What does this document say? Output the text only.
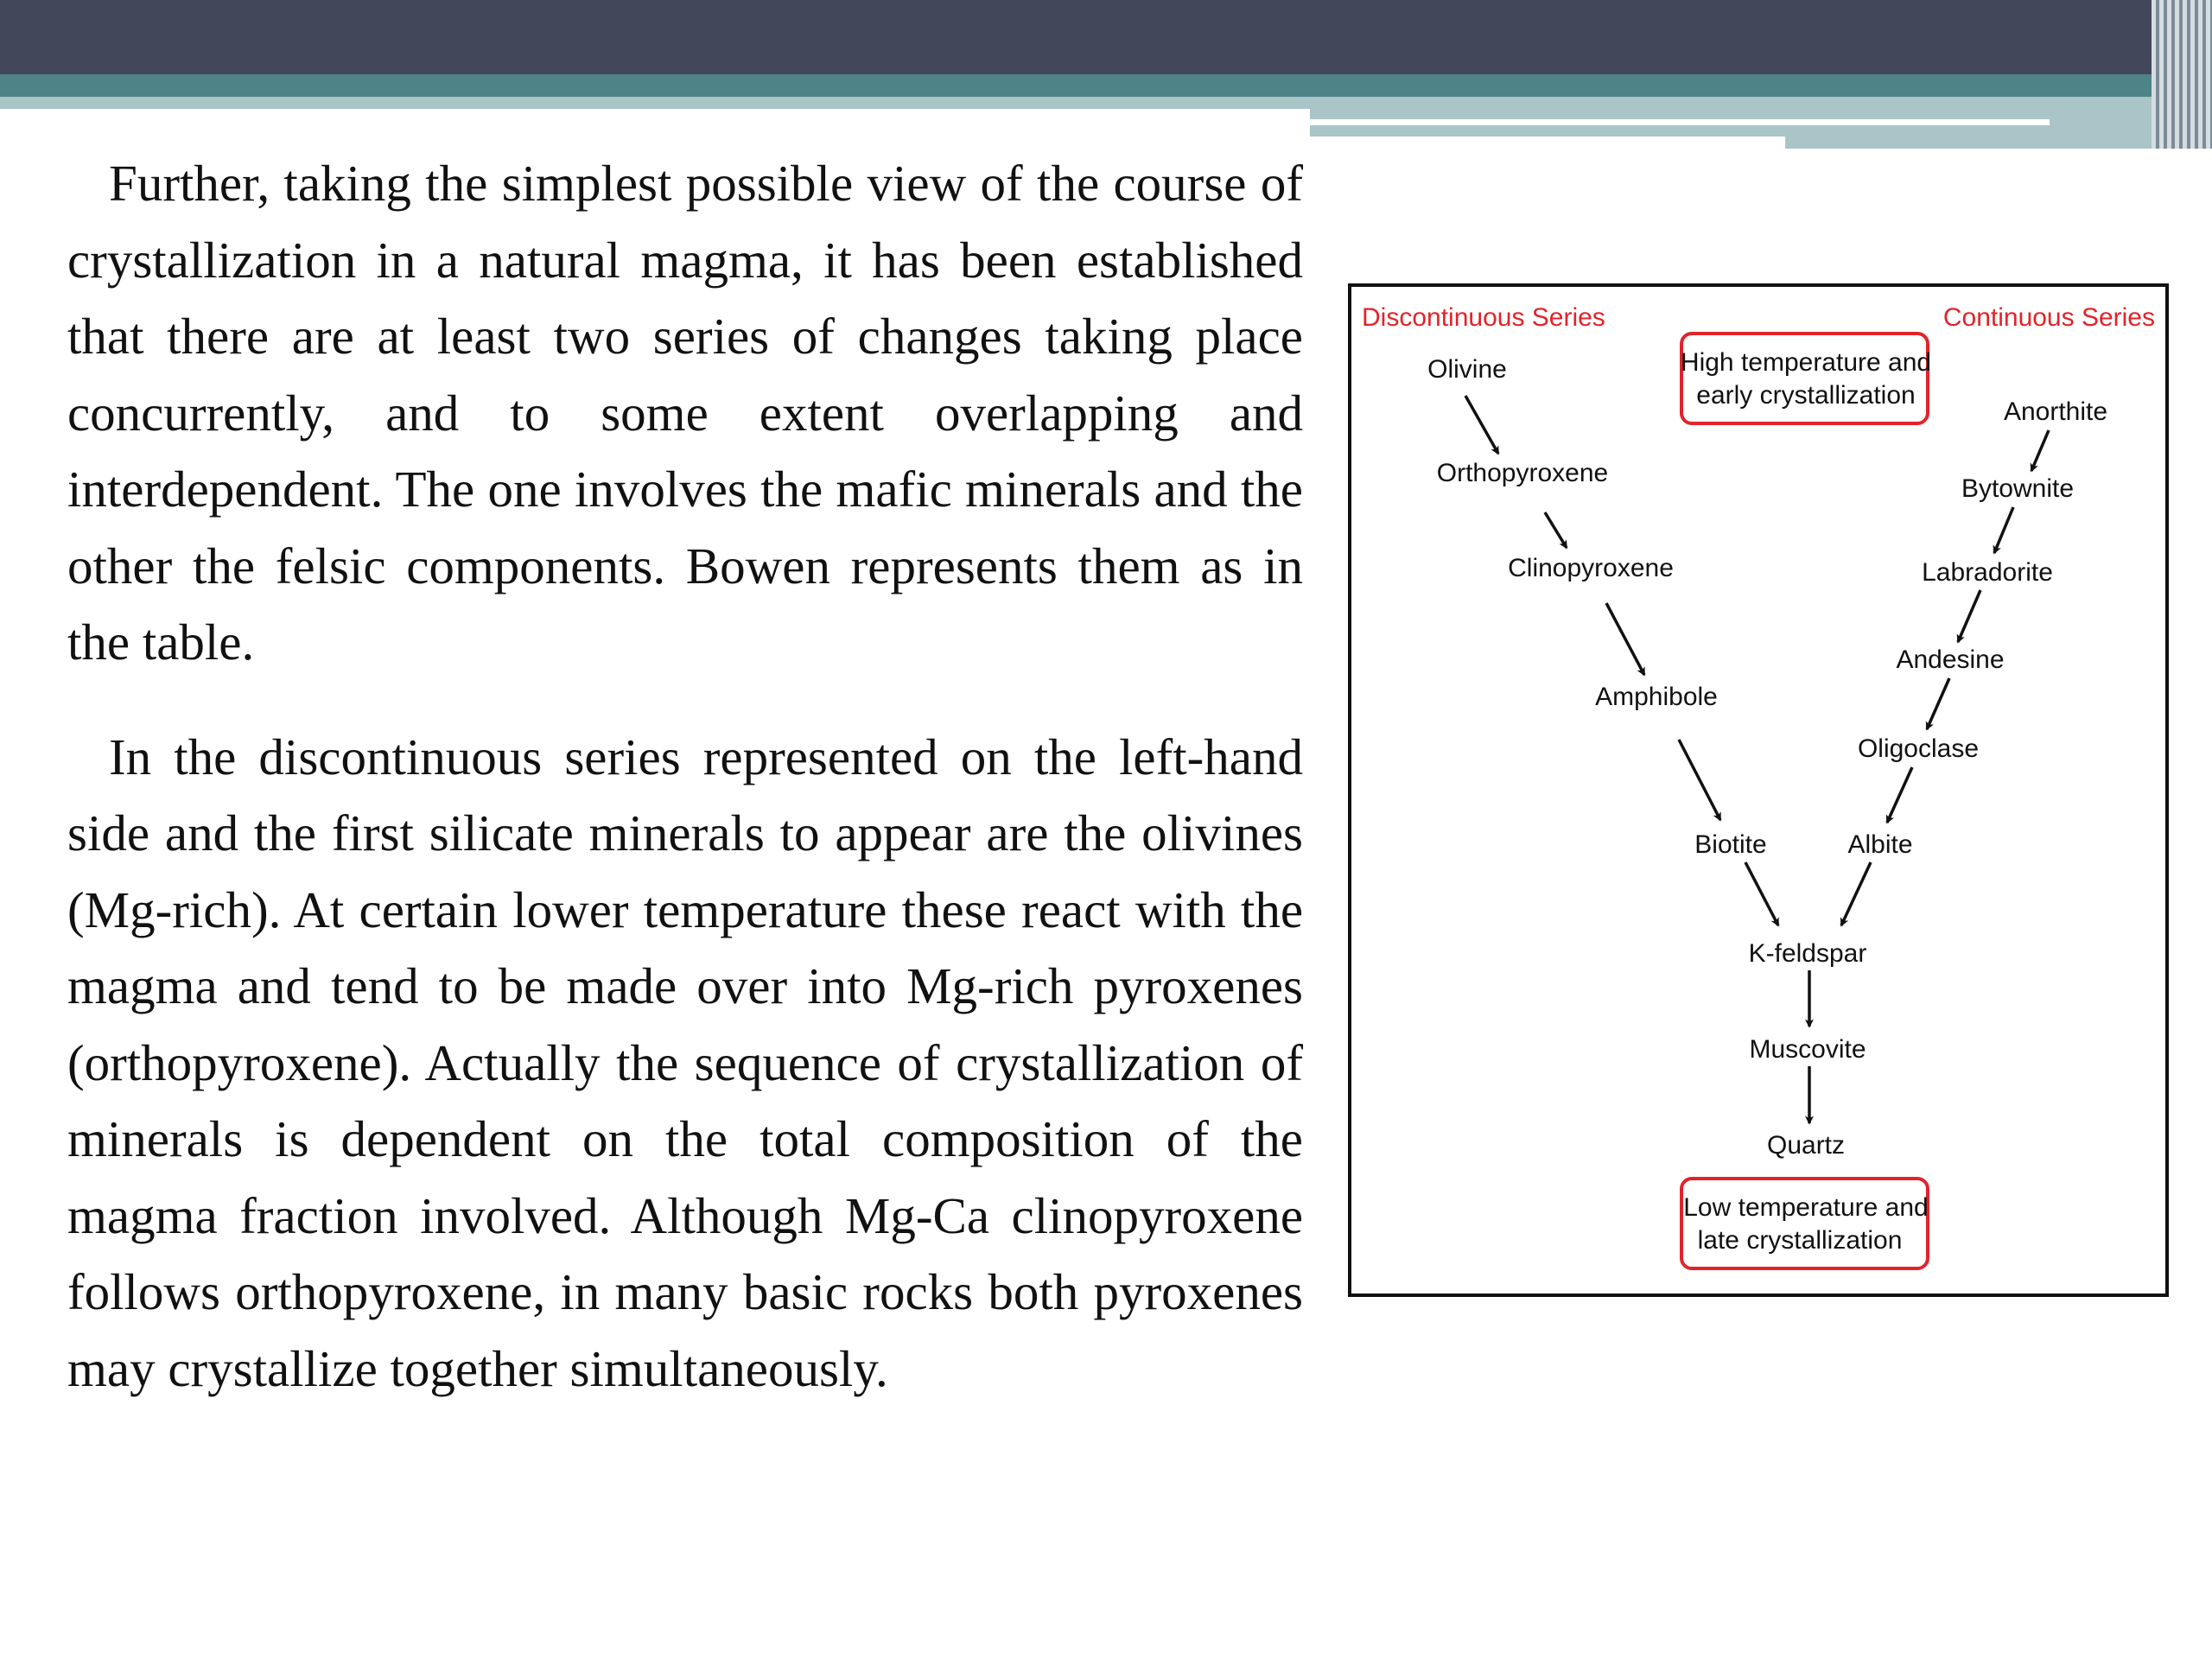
Further, taking the simplest possible view of the course of crystallization in a natural magma, it has been established that there are at least two series of changes taking place concurrently, and to some extent overlapping and interdependent. The one involves the mafic minerals and the other the felsic components. Bowen represents them as in the table.

In the discontinuous series represented on the left-hand side and the first silicate minerals to appear are the olivines (Mg-rich). At certain lower temperature these react with the magma and tend to be made over into Mg-rich pyroxenes (orthopyroxene). Actually the sequence of crystallization of minerals is dependent on the total composition of the magma fraction involved. Although Mg-Ca clinopyroxene follows orthopyroxene, in many basic rocks both pyroxenes may crystallize together simultaneously.

Discontinuous Series	Continuous Series
High temperature and
early crystallization
Olivine
Orthopyroxene
Clinopyroxene
Amphibole
Biotite
Anorthite
Bytownite
Labradorite
Andesine
Oligoclase
Albite
K-feldspar
Muscovite
Quartz
Low temperature and
late crystallization
